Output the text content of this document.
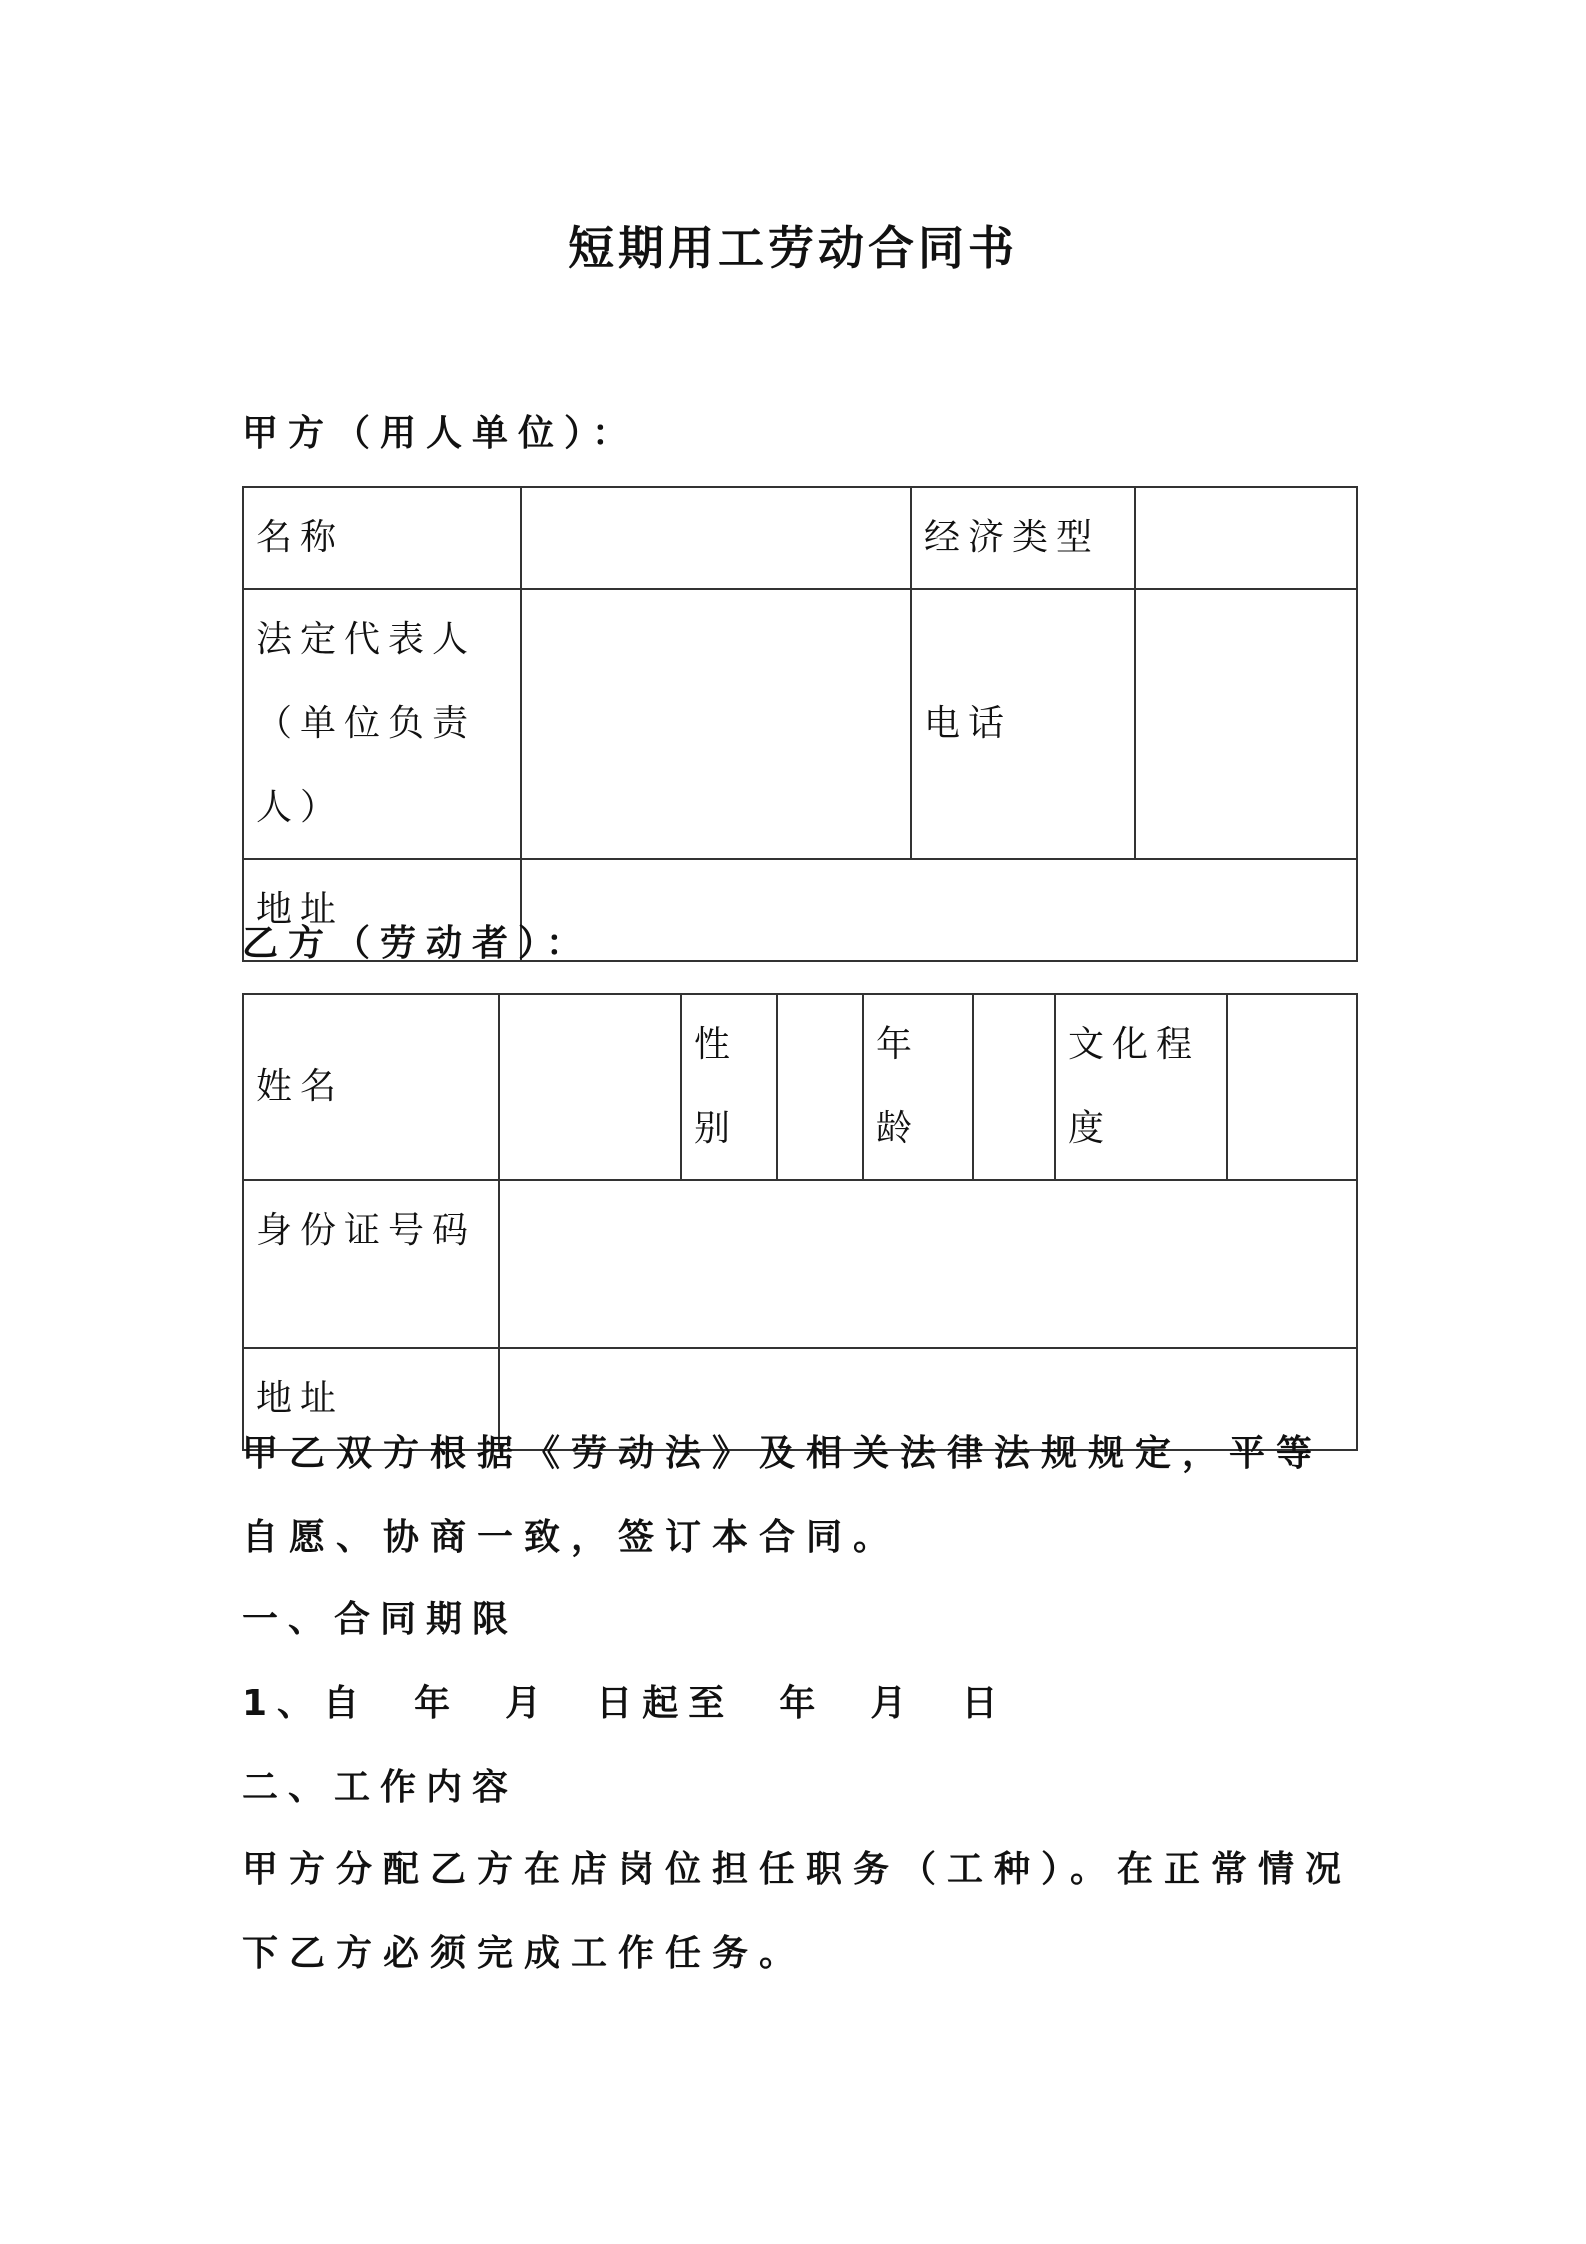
短期用工劳动合同书
甲方（用人单位）：
名称		经济类型	
法定代表人（单位负责人）		电话	
地址			
乙方（劳动者）：
姓名		性别		年龄		文化程度	
身份证号码							
地址							
甲乙双方根据《劳动法》及相关法律法规规定，平等自愿、协商一致，签订本合同。
一、合同期限
1、自  年  月  日起至  年  月  日
二、工作内容
甲方分配乙方在店岗位担任职务（工种）。在正常情况下乙方必须完成工作任务。
